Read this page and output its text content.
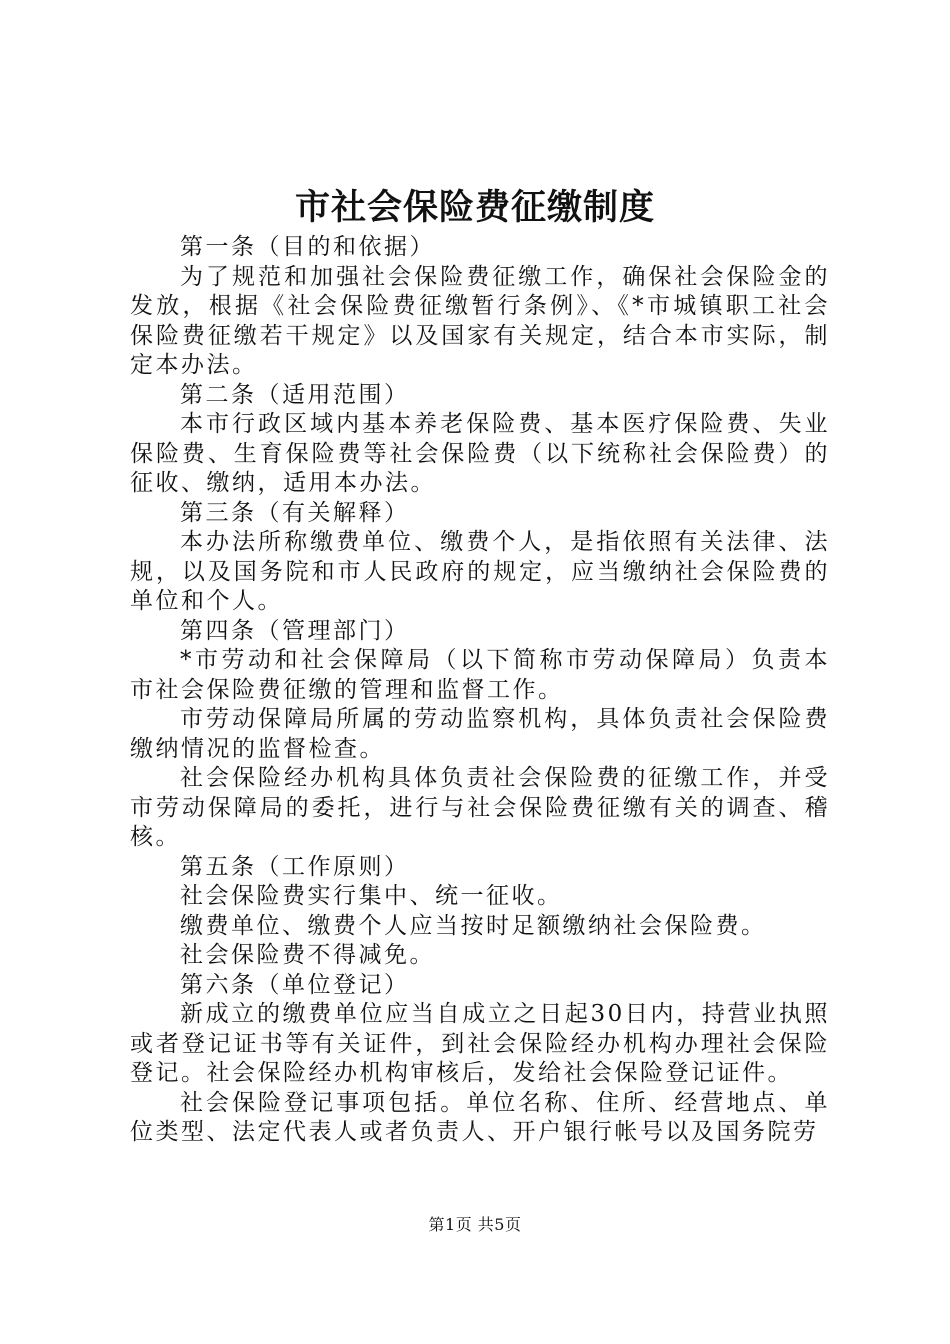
市社会保险费征缴制度

第一条（目的和依据）

为了规范和加强社会保险费征缴工作，确保社会保险金的发放，根据《社会保险费征缴暂行条例》、《*市城镇职工社会保险费征缴若干规定》以及国家有关规定，结合本市实际，制定本办法。

第二条（适用范围）

本市行政区域内基本养老保险费、基本医疗保险费、失业保险费、生育保险费等社会保险费（以下统称社会保险费）的征收、缴纳，适用本办法。

第三条（有关解释）

本办法所称缴费单位、缴费个人，是指依照有关法律、法规，以及国务院和市人民政府的规定，应当缴纳社会保险费的单位和个人。

第四条（管理部门）

*市劳动和社会保障局（以下简称市劳动保障局）负责本市社会保险费征缴的管理和监督工作。

市劳动保障局所属的劳动监察机构，具体负责社会保险费缴纳情况的监督检查。

社会保险经办机构具体负责社会保险费的征缴工作，并受市劳动保障局的委托，进行与社会保险费征缴有关的调查、稽核。

第五条（工作原则）

社会保险费实行集中、统一征收。

缴费单位、缴费个人应当按时足额缴纳社会保险费。

社会保险费不得减免。

第六条（单位登记）

新成立的缴费单位应当自成立之日起30日内，持营业执照或者登记证书等有关证件，到社会保险经办机构办理社会保险登记。社会保险经办机构审核后，发给社会保险登记证件。

社会保险登记事项包括。单位名称、住所、经营地点、单位类型、法定代表人或者负责人、开户银行帐号以及国务院劳

第1页 共5页
